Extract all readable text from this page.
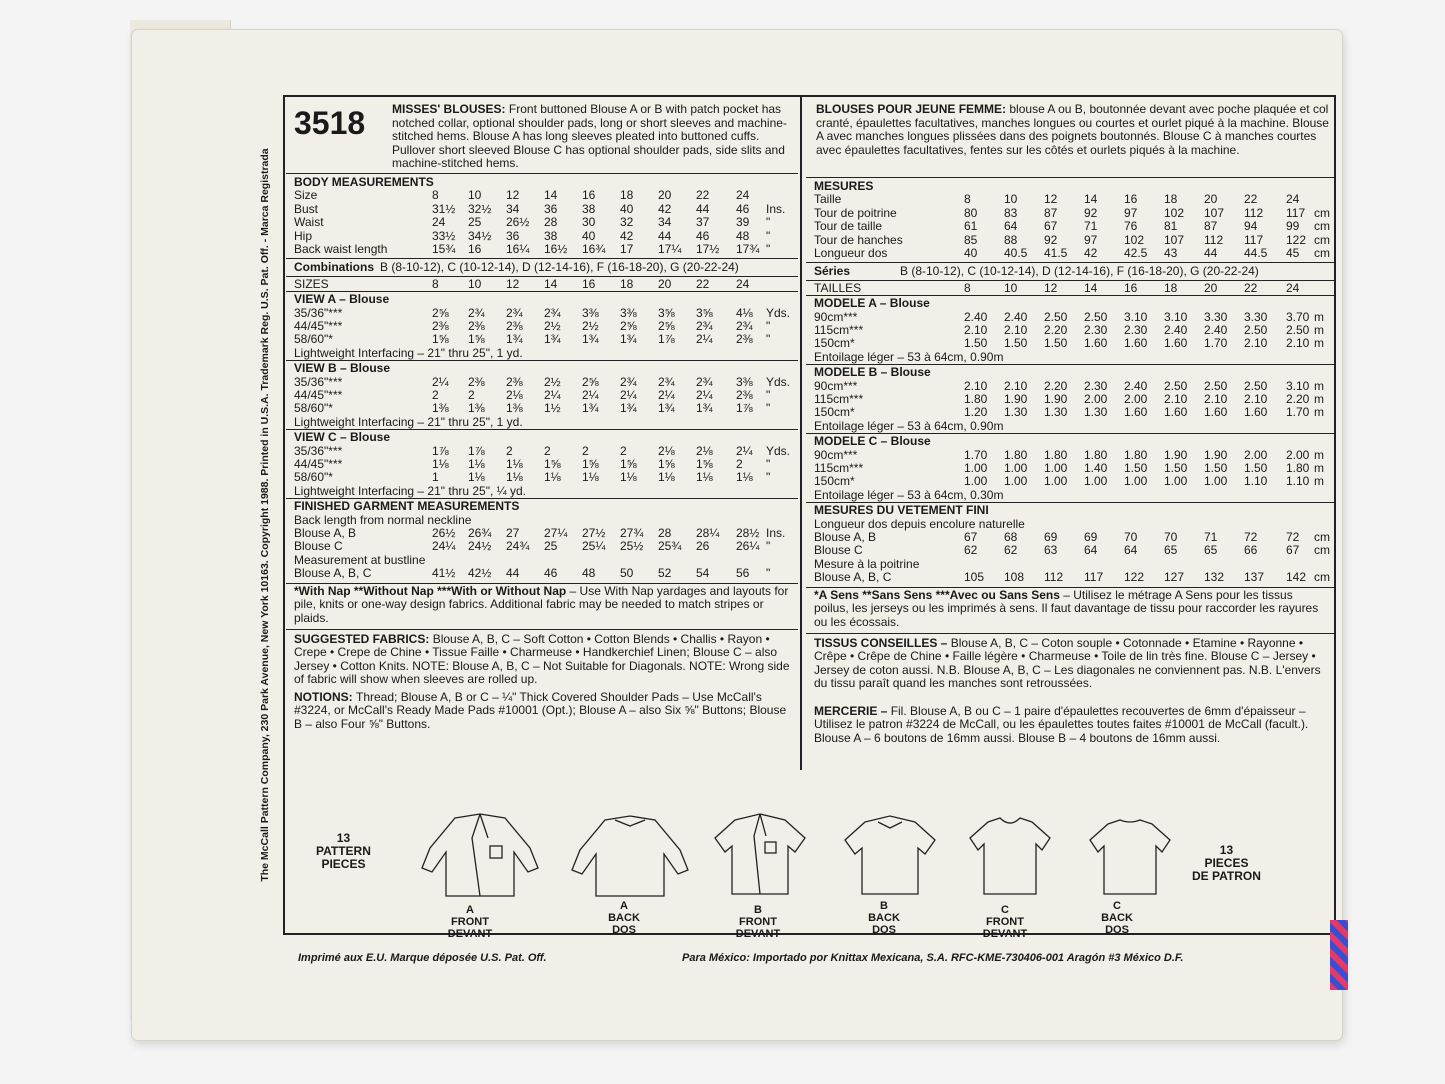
The McCall Pattern Company, 230 Park Avenue, New York 10163. Copyright 1988. Printed in U.S.A. Trademark Reg. U.S. Pat. Off. - Marca Registrada
3518 MISSES' BLOUSES: Front buttoned Blouse A or B with patch pocket has notched collar, optional shoulder pads, long or short sleeves and machine-stitched hems. Blouse A has long sleeves pleated into buttoned cuffs. Pullover short sleeved Blouse C has optional shoulder pads, side slits and machine-stitched hems.
BODY MEASUREMENTS
Size	8 10 12 14 16 18 20 22 24
Bust	31½ 32½ 34 36 38 40 42 44 46 Ins.
Waist	24 25 26½ 28 30 32 34 37 39 "
Hip	33½ 34½ 36 38 40 42 44 46 48 "
Back waist length	15¾ 16 16¼ 16½ 16¾ 17 17¼ 17½ 17¾ "
Combinations B (8-10-12), C (10-12-14), D (12-14-16), F (16-18-20), G (20-22-24)
SIZES	8 10 12 14 16 18 20 22 24
VIEW A – Blouse
35/36"***	2⅝ 2¾ 2¾ 2¾ 3⅜ 3⅜ 3⅝ 3⅝ 4⅛ Yds.
44/45"***	2⅜ 2⅜ 2⅜ 2½ 2½ 2⅝ 2⅝ 2¾ 2¾ "
58/60"*	1⅝ 1⅝ 1¾ 1¾ 1¾ 1¾ 1⅞ 2¼ 2⅜ "
Lightweight Interfacing – 21" thru 25", 1 yd.
VIEW B – Blouse
35/36"***	2¼ 2⅜ 2⅜ 2½ 2⅝ 2¾ 2¾ 2¾ 3⅜ Yds.
44/45"***	2 2	2⅛ 2¼ 2¼ 2¼ 2¼ 2¼ 2⅜ "
58/60"*	1⅜ 1⅜ 1⅜ 1½ 1¾ 1¾ 1¾ 1¾ 1⅞ "
Lightweight Interfacing – 21" thru 25", 1 yd.
VIEW C – Blouse
35/36"***	1⅞ 1⅞ 2	2	2	2	2⅛ 2⅛ 2¼ Yds.
44/45"***	1⅛ 1⅛ 1⅛ 1⅝ 1⅝ 1⅝ 1⅝ 1⅝ 2 "
58/60"*	1 1⅛ 1⅛ 1⅛ 1⅛ 1⅛ 1⅛ 1⅛ 1⅛ "
Lightweight Interfacing – 21" thru 25", ¼ yd.
FINISHED GARMENT MEASUREMENTS
Back length from normal neckline
Blouse A, B	26½ 26¾ 27 27¼ 27½ 27¾ 28 28¼ 28½ Ins.
Blouse C	24¼ 24½ 24¾ 25 25¼ 25½ 25¾ 26 26¼ "
Measurement at bustline
Blouse A, B, C	41½ 42½ 44 46 48 50 52 54 56 "
*With Nap **Without Nap ***With or Without Nap – Use With Nap yardages and layouts for pile, knits or one-way design fabrics. Additional fabric may be needed to match stripes or plaids.
SUGGESTED FABRICS: Blouse A, B, C – Soft Cotton • Cotton Blends • Challis • Rayon • Crepe • Crepe de Chine • Tissue Faille • Charmeuse • Handkerchief Linen; Blouse C – also Jersey • Cotton Knits. NOTE: Blouse A, B, C – Not Suitable for Diagonals. NOTE: Wrong side of fabric will show when sleeves are rolled up.
NOTIONS: Thread; Blouse A, B or C – ¼" Thick Covered Shoulder Pads – Use McCall's #3224, or McCall's Ready Made Pads #10001 (Opt.); Blouse A – also Six ⅝" Buttons; Blouse B – also Four ⅝" Buttons.
BLOUSES POUR JEUNE FEMME: blouse A ou B, boutonnée devant avec poche plaquée et col cranté, épaulettes facultatives, manches longues ou courtes et ourlet piqué à la machine. Blouse A avec manches longues plissées dans des poignets boutonnés. Blouse C à manches courtes avec épaulettes facultatives, fentes sur les côtés et ourlets piqués à la machine.
MESURES
Taille	8	10 12 14 16 18 20 22 24
Tour de poitrine	80 83 87 92 97 102 107 112 117 cm
Tour de taille	61 64 67 71 76 81 87 94 99 cm
Tour de hanches	85 88 92 97 102 107 112 117 122 cm
Longueur dos	40 40.5 41.5 42 42.5 43 44 44.5 45 cm
Séries	B (8-10-12), C (10-12-14), D (12-14-16), F (16-18-20), G (20-22-24)
TAILLES	8	10 12 14 16 18 20 22 24
MODELE A – Blouse
90cm***	2.40 2.40 2.50 2.50 3.10 3.10 3.30 3.30 3.70 m
115cm***	2.10 2.10 2.20 2.30 2.30 2.40 2.40 2.50 2.50 m
150cm*	1.50 1.50 1.50 1.60 1.60 1.60 1.70 2.10 2.10 m
Entoilage léger – 53 à 64cm, 0.90m
MODELE B – Blouse
90cm***	2.10 2.10 2.20 2.30 2.40 2.50 2.50 2.50 3.10 m
115cm***	1.80 1.90 1.90 2.00 2.00 2.10 2.10 2.10 2.20 m
150cm*	1.20 1.30 1.30 1.30 1.60 1.60 1.60 1.60 1.70 m
Entoilage léger – 53 à 64cm, 0.90m
MODELE C – Blouse
90cm***	1.70 1.80 1.80 1.80 1.80 1.90 1.90 2.00 2.00 m
115cm***	1.00 1.00 1.00 1.40 1.50 1.50 1.50 1.50 1.80 m
150cm*	1.00 1.00 1.00 1.00 1.00 1.00 1.00 1.10 1.10 m
Entoilage léger – 53 à 64cm, 0.30m
MESURES DU VETEMENT FINI
Longueur dos depuis encolure naturelle
Blouse A, B	67 68 69 69 70 70 71 72 72 cm
Blouse C	62 62 63 64 64 65 65 66 67 cm
Mesure à la poitrine
Blouse A, B, C	105 108 112 117 122 127 132 137 142 cm
*A Sens **Sans Sens ***Avec ou Sans Sens – Utilisez le métrage A Sens pour les tissus poilus, les jerseys ou les imprimés à sens. Il faut davantage de tissu pour raccorder les rayures ou les écossais.
TISSUS CONSEILLES – Blouse A, B, C – Coton souple • Cotonnade • Etamine • Rayonne • Crêpe • Crêpe de Chine • Faille légère • Charmeuse • Toile de lin très fine. Blouse C – Jersey • Jersey de coton aussi. N.B. Blouse A, B, C – Les diagonales ne conviennent pas. N.B. L'envers du tissu paraît quand les manches sont retroussées.
MERCERIE – Fil. Blouse A, B ou C – 1 paire d'épaulettes recouvertes de 6mm d'épaisseur – Utilisez le patron #3224 de McCall, ou les épaulettes toutes faites #10001 de McCall (facult.). Blouse A – 6 boutons de 16mm aussi. Blouse B – 4 boutons de 16mm aussi.
13
PATTERN
PIECES
13
PIECES
DE PATRON
Imprimé aux E.U. Marque déposée U.S. Pat. Off.	Para México: Importado por Knittax Mexicana, S.A. RFC-KME-730406-001 Aragón #3 México D.F.
A
FRONT
DEVANT
A
BACK
DOS
B
FRONT
DEVANT
B
BACK
DOS
C
FRONT
DEVANT
C
BACK
DOS
